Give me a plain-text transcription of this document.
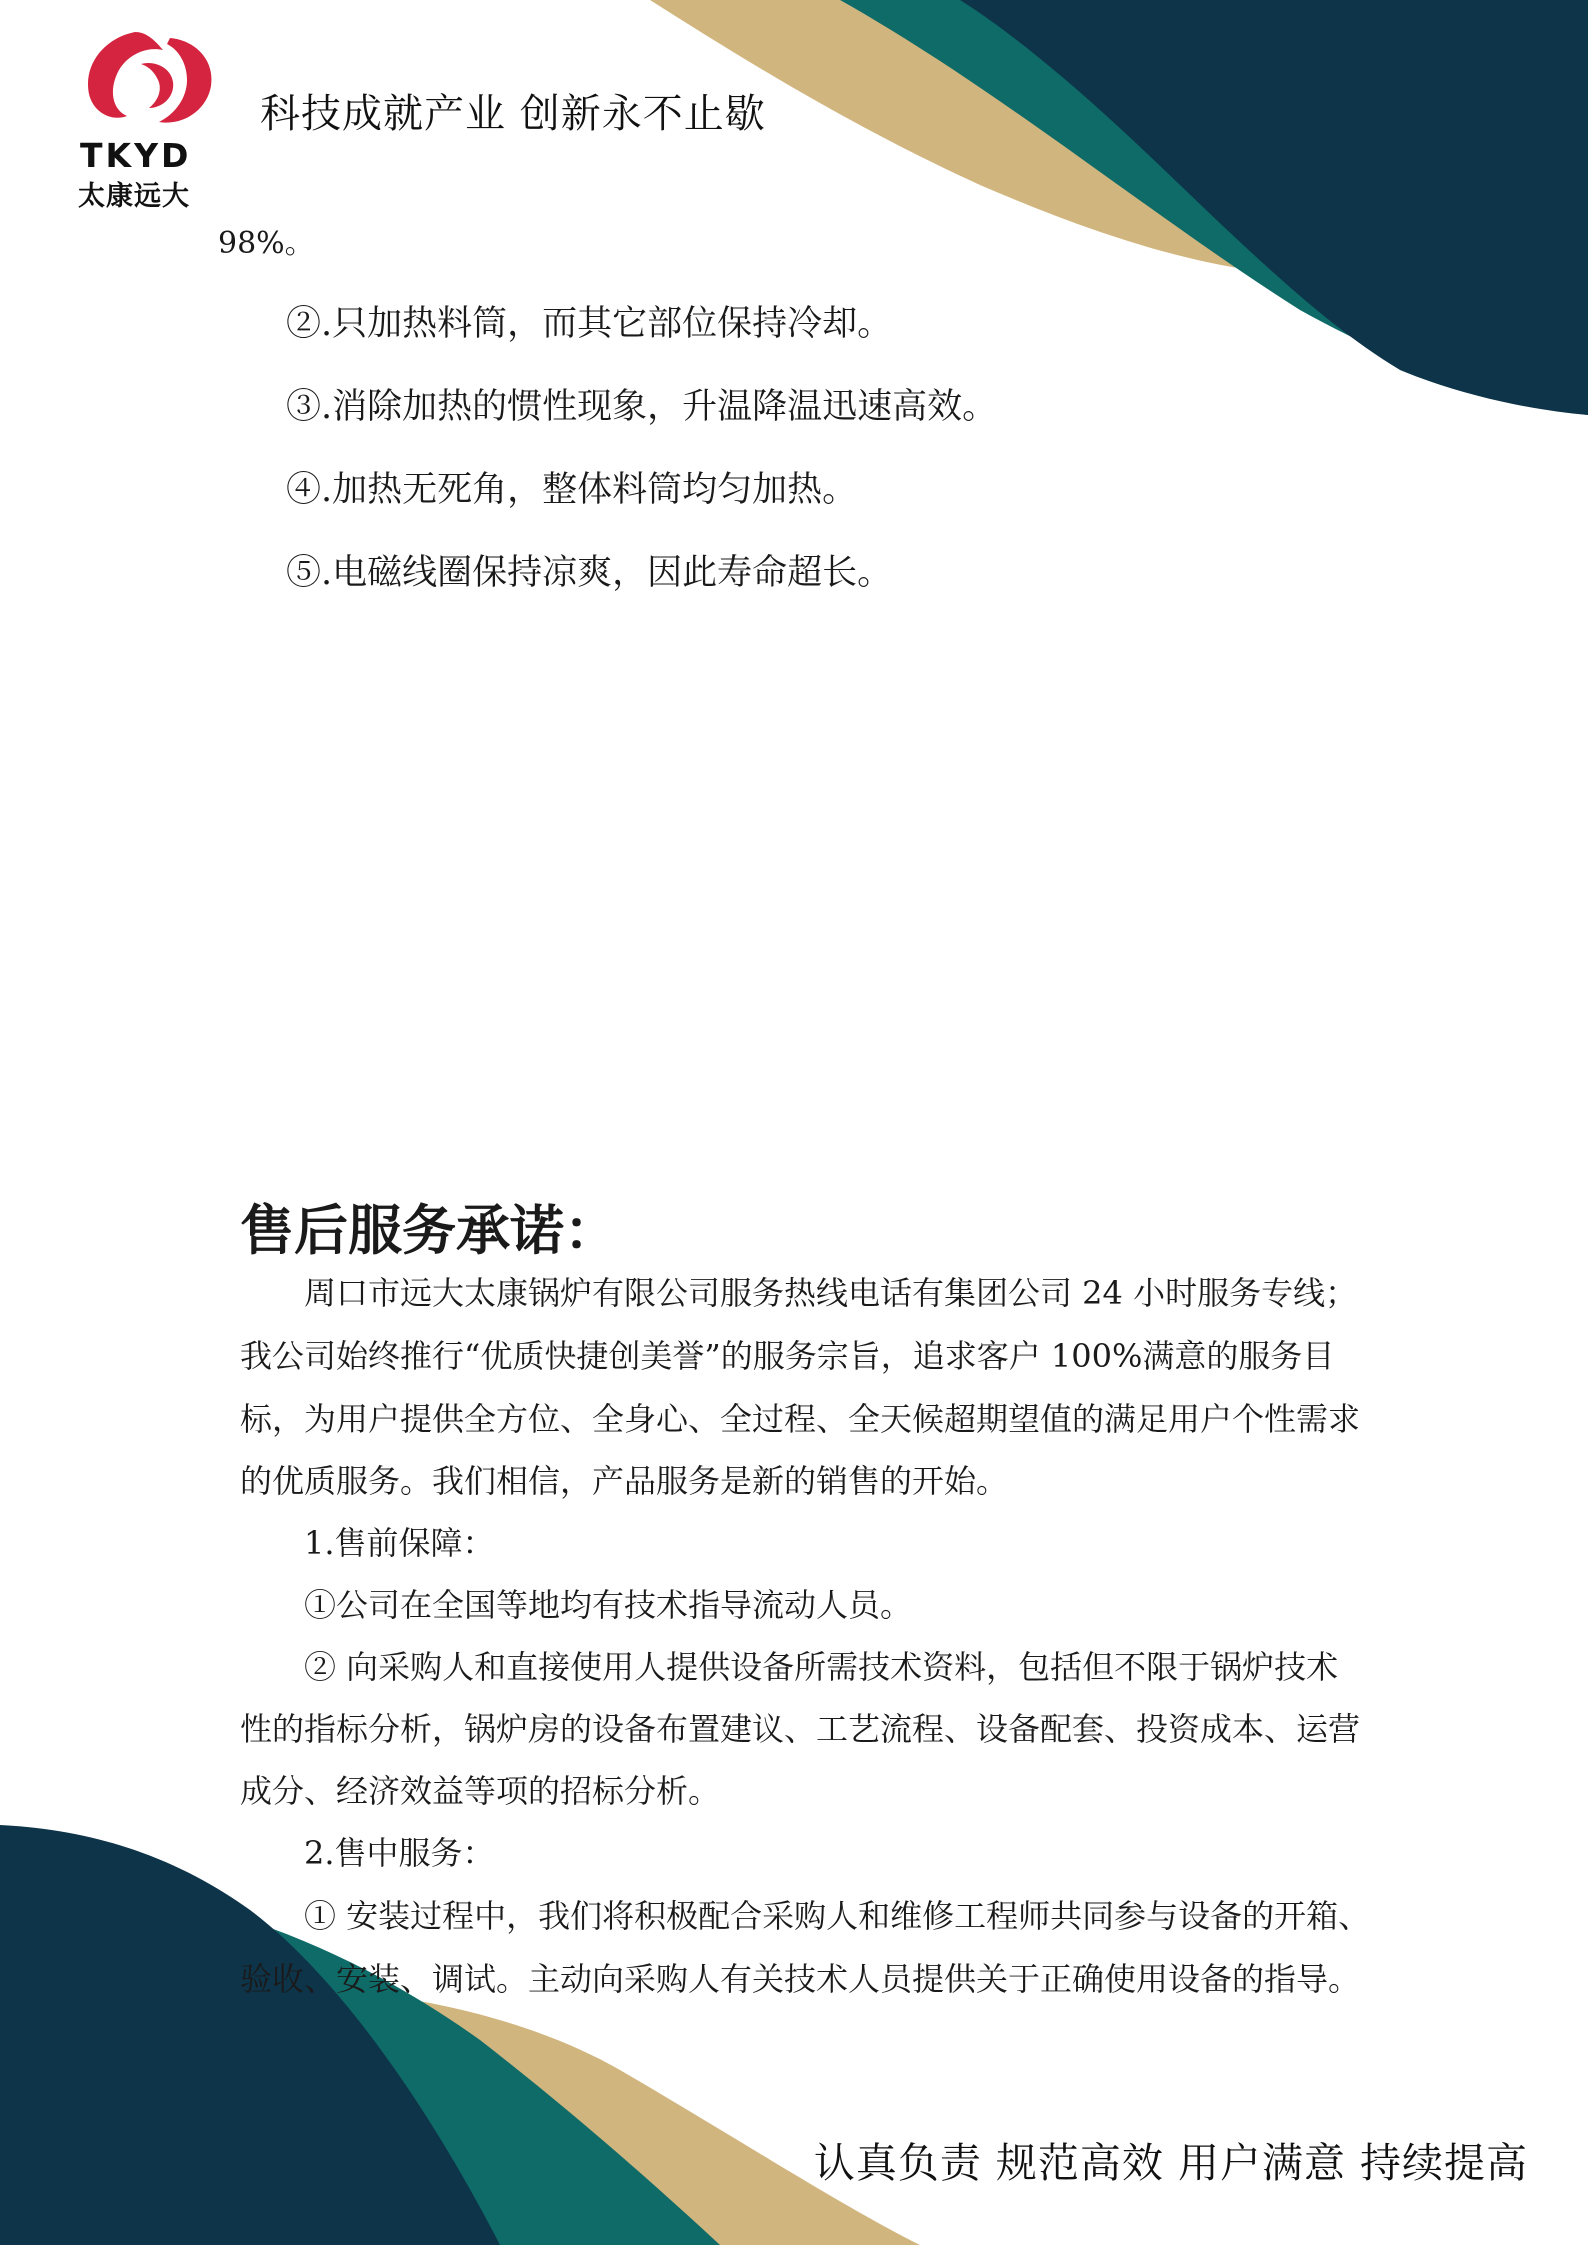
TKYD
太康远大
科技成就产业 创新永不止歇
98%。
②.只加热料筒，而其它部位保持冷却。
③.消除加热的惯性现象，升温降温迅速高效。
④.加热无死角，整体料筒均匀加热。
⑤.电磁线圈保持凉爽，因此寿命超长。
售后服务承诺：
周口市远大太康锅炉有限公司服务热线电话有集团公司 24 小时服务专线；
我公司始终推行“优质快捷创美誉”的服务宗旨，追求客户 100%满意的服务目
标，为用户提供全方位、全身心、全过程、全天候超期望值的满足用户个性需求
的优质服务。我们相信，产品服务是新的销售的开始。
1.售前保障：
①公司在全国等地均有技术指导流动人员。
② 向采购人和直接使用人提供设备所需技术资料，包括但不限于锅炉技术
性的指标分析，锅炉房的设备布置建议、工艺流程、设备配套、投资成本、运营
成分、经济效益等项的招标分析。
2.售中服务：
① 安装过程中，我们将积极配合采购人和维修工程师共同参与设备的开箱、
验收、安装、调试。主动向采购人有关技术人员提供关于正确使用设备的指导。
认真负责 规范高效 用户满意 持续提高
